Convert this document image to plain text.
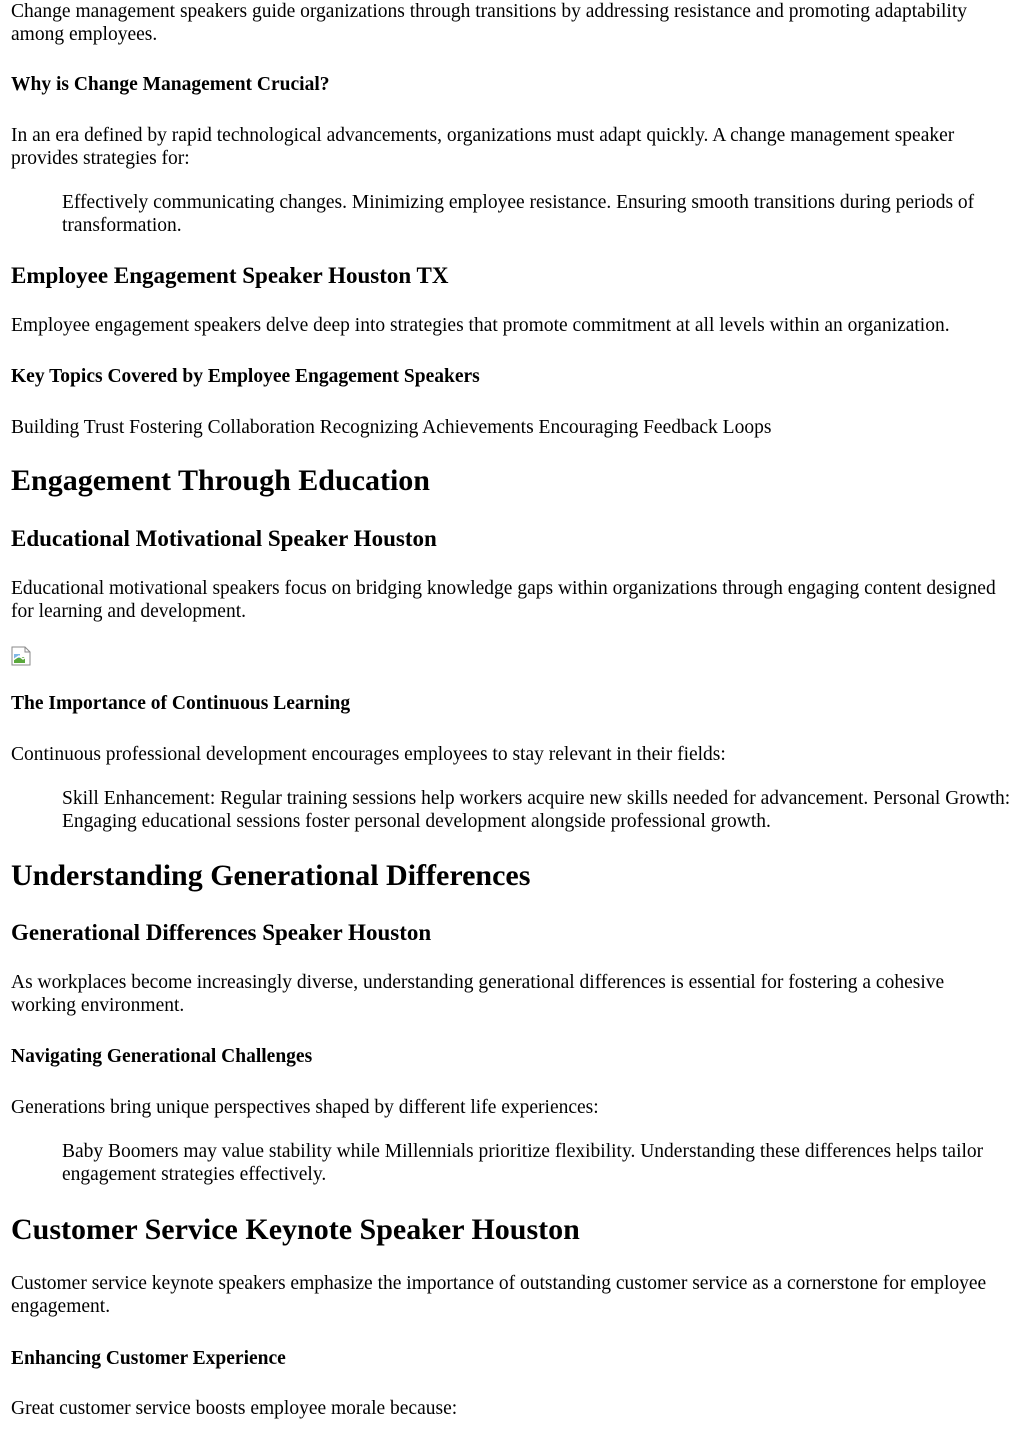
Change management speakers guide organizations through transitions by addressing resistance and promoting adaptability among employees.

Why is Change Management Crucial?

In an era defined by rapid technological advancements, organizations must adapt quickly. A change management speaker provides strategies for:

Effectively communicating changes. Minimizing employee resistance. Ensuring smooth transitions during periods of transformation.
Employee Engagement Speaker Houston TX

Employee engagement speakers delve deep into strategies that promote commitment at all levels within an organization.

Key Topics Covered by Employee Engagement Speakers

Building Trust Fostering Collaboration Recognizing Achievements Encouraging Feedback Loops

Engagement Through Education
Educational Motivational Speaker Houston

Educational motivational speakers focus on bridging knowledge gaps within organizations through engaging content designed for learning and development.

The Importance of Continuous Learning

Continuous professional development encourages employees to stay relevant in their fields:

Skill Enhancement: Regular training sessions help workers acquire new skills needed for advancement. Personal Growth: Engaging educational sessions foster personal development alongside professional growth.
Understanding Generational Differences
Generational Differences Speaker Houston

As workplaces become increasingly diverse, understanding generational differences is essential for fostering a cohesive working environment.

Navigating Generational Challenges

Generations bring unique perspectives shaped by different life experiences:

Baby Boomers may value stability while Millennials prioritize flexibility. Understanding these differences helps tailor engagement strategies effectively.
Customer Service Keynote Speaker Houston

Customer service keynote speakers emphasize the importance of outstanding customer service as a cornerstone for employee engagement.

Enhancing Customer Experience

Great customer service boosts employee morale because:
